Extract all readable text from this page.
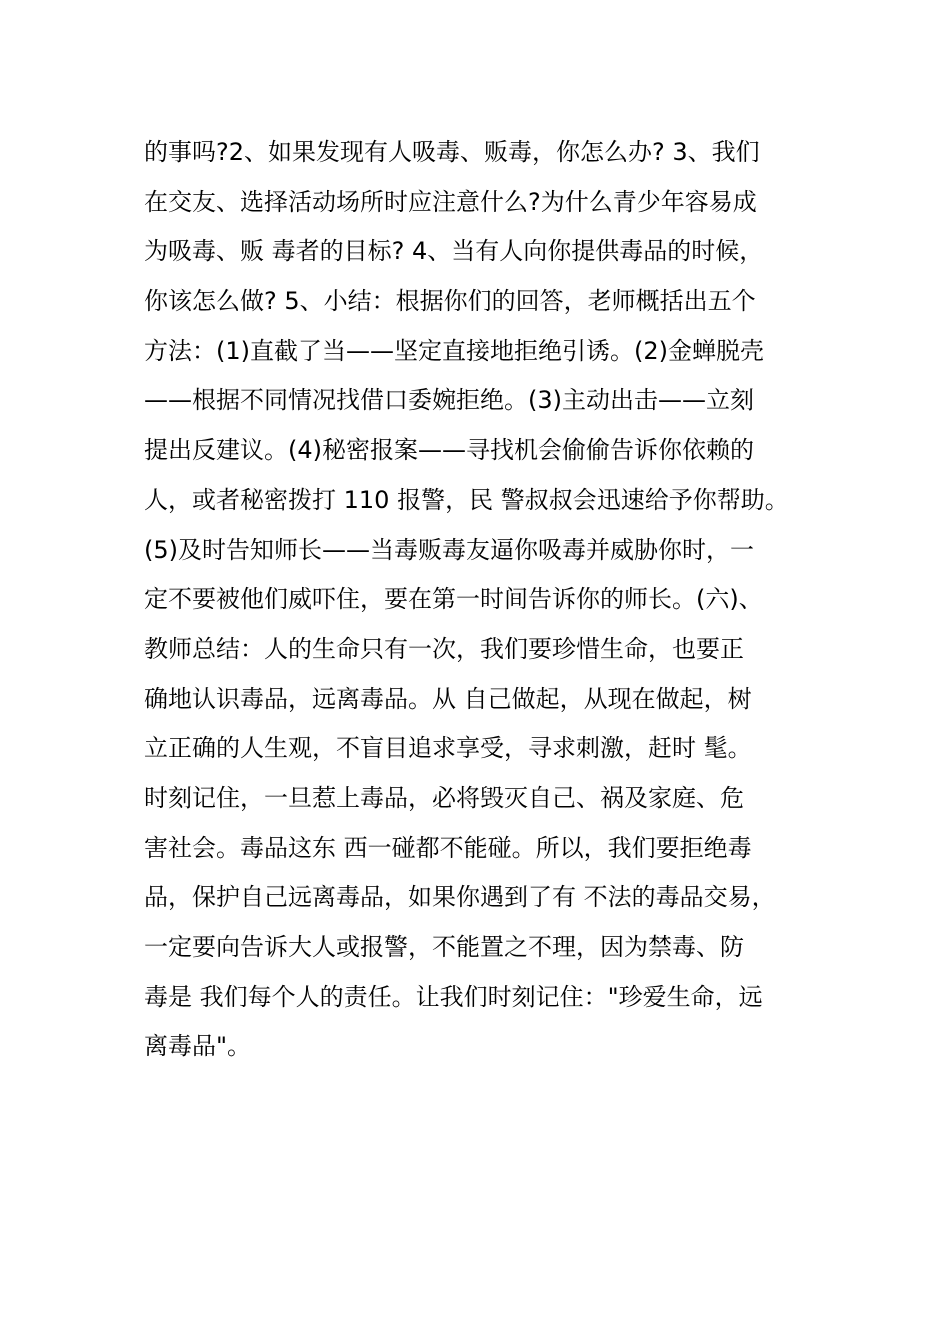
的事吗?2、如果发现有人吸毒、贩毒，你怎么办? 3、我们
在交友、选择活动场所时应注意什么?为什么青少年容易成
为吸毒、贩 毒者的目标? 4、当有人向你提供毒品的时候，
你该怎么做? 5、小结：根据你们的回答，老师概括出五个
方法：(1)直截了当——坚定直接地拒绝引诱。(2)金蝉脱壳
——根据不同情况找借口委婉拒绝。(3)主动出击——立刻
提出反建议。(4)秘密报案——寻找机会偷偷告诉你依赖的
人，或者秘密拨打 110 报警，民 警叔叔会迅速给予你帮助。
(5)及时告知师长——当毒贩毒友逼你吸毒并威胁你时，一
定不要被他们威吓住，要在第一时间告诉你的师长。(六)、
教师总结：人的生命只有一次，我们要珍惜生命，也要正
确地认识毒品，远离毒品。从 自己做起，从现在做起，树
立正确的人生观，不盲目追求享受，寻求刺激，赶时 髦。
时刻记住，一旦惹上毒品，必将毁灭自己、祸及家庭、危
害社会。毒品这东 西一碰都不能碰。所以，我们要拒绝毒
品，保护自己远离毒品，如果你遇到了有 不法的毒品交易，
一定要向告诉大人或报警，不能置之不理，因为禁毒、防
毒是 我们每个人的责任。让我们时刻记住："珍爱生命，远
离毒品"。
